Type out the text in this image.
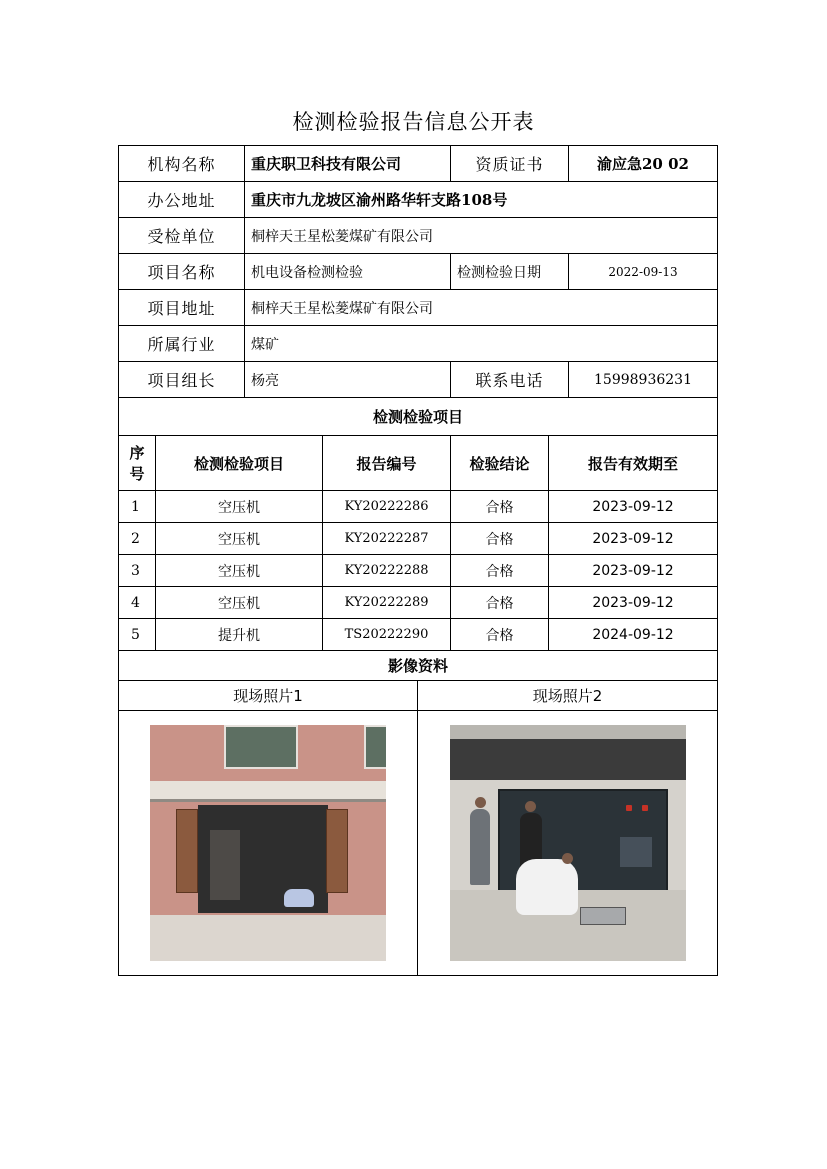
检测检验报告信息公开表
机构名称	重庆职卫科技有限公司	资质证书	渝应急20 02
办公地址	重庆市九龙坡区渝州路华轩支路108号		
受检单位	桐梓天王星松蓌煤矿有限公司		
项目名称	机电设备检测检验	检测检验日期	2022-09-13
项目地址	桐梓天王星松蓌煤矿有限公司		
所属行业	煤矿		
项目组长	杨亮	联系电话	15998936231
检测检验项目				
序号	检测检验项目	报告编号	检验结论	报告有效期至
1	空压机	KY20222286	合格	2023-09-12
2	空压机	KY20222287	合格	2023-09-12
3	空压机	KY20222288	合格	2023-09-12
4	空压机	KY20222289	合格	2023-09-12
5	提升机	TS20222290	合格	2024-09-12
影像资料	
现场照片1	现场照片2
